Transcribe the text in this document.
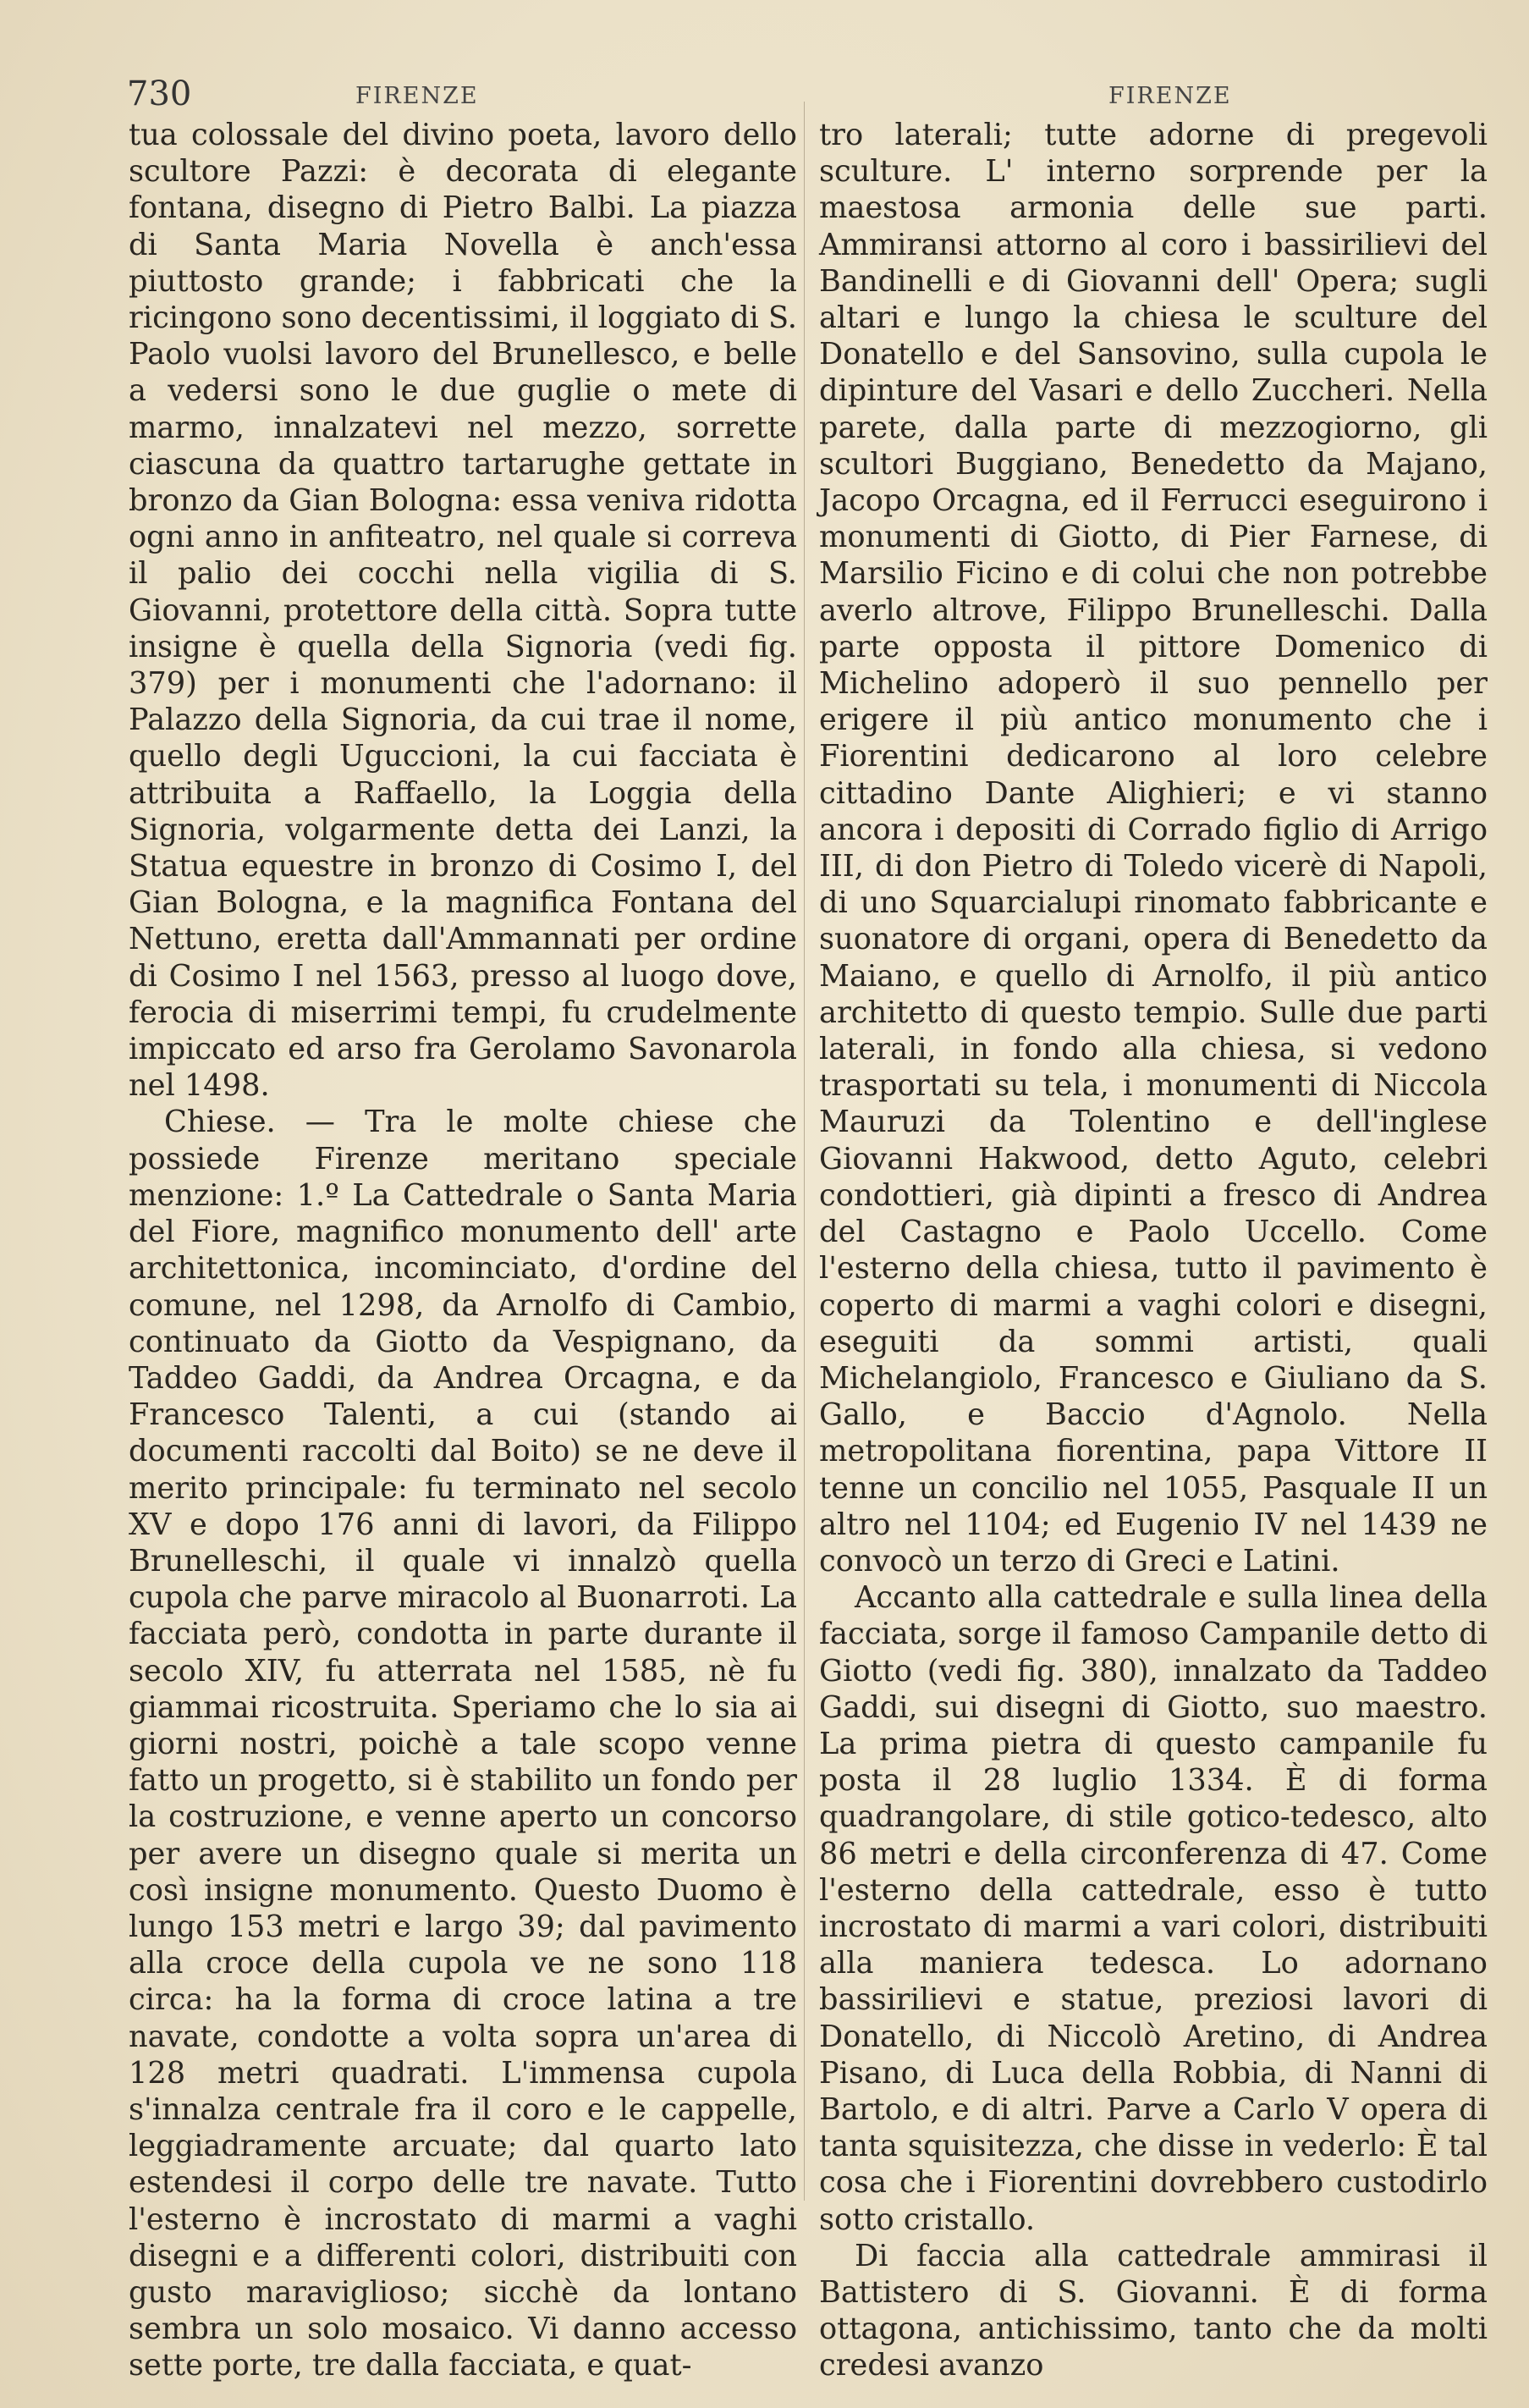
730	FIRENZE	FIRENZE

tua colossale del divino poeta, lavoro dello scultore Pazzi: è decorata di elegante fontana, disegno di Pietro Balbi. La piazza di Santa Maria Novella è anch'essa piuttosto grande; i fabbricati che la ricingono sono decentissimi, il loggiato di S. Paolo vuolsi lavoro del Brunellesco, e belle a vedersi sono le due guglie o mete di marmo, innalzatevi nel mezzo, sorrette ciascuna da quattro tartarughe gettate in bronzo da Gian Bologna: essa veniva ridotta ogni anno in anfiteatro, nel quale si correva il palio dei cocchi nella vigilia di S. Giovanni, protettore della città. Sopra tutte insigne è quella della Signoria (vedi fig. 379) per i monumenti che l'adornano: il Palazzo della Signoria, da cui trae il nome, quello degli Uguccioni, la cui facciata è attribuita a Raffaello, la Loggia della Signoria, volgarmente detta dei Lanzi, la Statua equestre in bronzo di Cosimo I, del Gian Bologna, e la magnifica Fontana del Nettuno, eretta dall'Ammannati per ordine di Cosimo I nel 1563, presso al luogo dove, ferocia di miserrimi tempi, fu crudelmente impiccato ed arso fra Gerolamo Savonarola nel 1498.

Chiese. — Tra le molte chiese che possiede Firenze meritano speciale menzione: 1.º La Cattedrale o Santa Maria del Fiore, magnifico monumento dell' arte architettonica, incominciato, d'ordine del comune, nel 1298, da Arnolfo di Cambio, continuato da Giotto da Vespignano, da Taddeo Gaddi, da Andrea Orcagna, e da Francesco Talenti, a cui (stando ai documenti raccolti dal Boito) se ne deve il merito principale: fu terminato nel secolo XV e dopo 176 anni di lavori, da Filippo Brunelleschi, il quale vi innalzò quella cupola che parve miracolo al Buonarroti. La facciata però, condotta in parte durante il secolo XIV, fu atterrata nel 1585, nè fu giammai ricostruita. Speriamo che lo sia ai giorni nostri, poichè a tale scopo venne fatto un progetto, si è stabilito un fondo per la costruzione, e venne aperto un concorso per avere un disegno quale si merita un così insigne monumento. Questo Duomo è lungo 153 metri e largo 39; dal pavimento alla croce della cupola ve ne sono 118 circa: ha la forma di croce latina a tre navate, condotte a volta sopra un'area di 128 metri quadrati. L'immensa cupola s'innalza centrale fra il coro e le cappelle, leggiadramente arcuate; dal quarto lato estendesi il corpo delle tre navate. Tutto l'esterno è incrostato di marmi a vaghi disegni e a differenti colori, distribuiti con gusto maraviglioso; sicchè da lontano sembra un solo mosaico. Vi danno accesso sette porte, tre dalla facciata, e quat-

tro laterali; tutte adorne di pregevoli sculture. L' interno sorprende per la maestosa armonia delle sue parti. Ammiransi attorno al coro i bassirilievi del Bandinelli e di Giovanni dell' Opera; sugli altari e lungo la chiesa le sculture del Donatello e del Sansovino, sulla cupola le dipinture del Vasari e dello Zuccheri. Nella parete, dalla parte di mezzogiorno, gli scultori Buggiano, Benedetto da Majano, Jacopo Orcagna, ed il Ferrucci eseguirono i monumenti di Giotto, di Pier Farnese, di Marsilio Ficino e di colui che non potrebbe averlo altrove, Filippo Brunelleschi. Dalla parte opposta il pittore Domenico di Michelino adoperò il suo pennello per erigere il più antico monumento che i Fiorentini dedicarono al loro celebre cittadino Dante Alighieri; e vi stanno ancora i depositi di Corrado figlio di Arrigo III, di don Pietro di Toledo vicerè di Napoli, di uno Squarcialupi rinomato fabbricante e suonatore di organi, opera di Benedetto da Maiano, e quello di Arnolfo, il più antico architetto di questo tempio. Sulle due parti laterali, in fondo alla chiesa, si vedono trasportati su tela, i monumenti di Niccola Mauruzi da Tolentino e dell'inglese Giovanni Hakwood, detto Aguto, celebri condottieri, già dipinti a fresco di Andrea del Castagno e Paolo Uccello. Come l'esterno della chiesa, tutto il pavimento è coperto di marmi a vaghi colori e disegni, eseguiti da sommi artisti, quali Michelangiolo, Francesco e Giuliano da S. Gallo, e Baccio d'Agnolo. Nella metropolitana fiorentina, papa Vittore II tenne un concilio nel 1055, Pasquale II un altro nel 1104; ed Eugenio IV nel 1439 ne convocò un terzo di Greci e Latini.

Accanto alla cattedrale e sulla linea della facciata, sorge il famoso Campanile detto di Giotto (vedi fig. 380), innalzato da Taddeo Gaddi, sui disegni di Giotto, suo maestro. La prima pietra di questo campanile fu posta il 28 luglio 1334. È di forma quadrangolare, di stile gotico-tedesco, alto 86 metri e della circonferenza di 47. Come l'esterno della cattedrale, esso è tutto incrostato di marmi a vari colori, distribuiti alla maniera tedesca. Lo adornano bassirilievi e statue, preziosi lavori di Donatello, di Niccolò Aretino, di Andrea Pisano, di Luca della Robbia, di Nanni di Bartolo, e di altri. Parve a Carlo V opera di tanta squisitezza, che disse in vederlo: È tal cosa che i Fiorentini dovrebbero custodirlo sotto cristallo.

Di faccia alla cattedrale ammirasi il Battistero di S. Giovanni. È di forma ottagona, antichissimo, tanto che da molti credesi avanzo
